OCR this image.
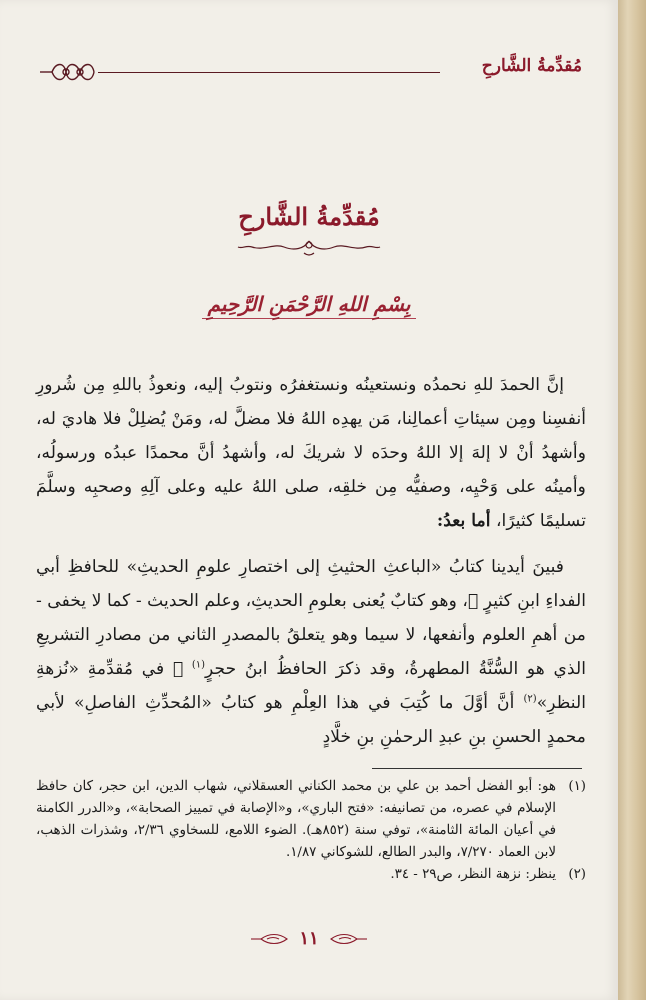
مُقدِّمةُ الشَّارحِ
مُقدِّمةُ الشَّارحِ
بِسْمِ اللهِ الرَّحْمَنِ الرَّحِيمِ

إنَّ الحمدَ للهِ نحمدُه ونستعينُه ونستغفرُه ونتوبُ إليه، ونعوذُ باللهِ مِن شُرورِ أنفسِنا ومِن سيئاتِ أعمالِنا، مَن يهدِه اللهُ فلا مضلَّ له، ومَنْ يُضلِلْ فلا هاديَ له، وأشهدُ أنْ لا إلهَ إلا اللهُ وحدَه لا شريكَ له، وأشهدُ أنَّ محمدًا عبدُه ورسولُه، وأمينُه على وَحْيِه، وصفيُّه مِن خلقِه، صلى اللهُ عليه وعلى آلِهِ وصحبِه وسلَّمَ تسليمًا كثيرًا، أما بعدُ:

فبينَ أيدينا كتابُ «الباعثِ الحثيثِ إلى اختصارِ علومِ الحديثِ» للحافظِ أبي الفداءِ ابنِ كثيرٍ ﷫، وهو كتابٌ يُعنى بعلومِ الحديثِ، وعلم الحديث - كما لا يخفى - من أهمِ العلوم وأنفعها، لا سيما وهو يتعلقُ بالمصدرِ الثاني من مصادرِ التشريعِ الذي هو السُّنَّةُ المطهرةُ، وقد ذكرَ الحافظُ ابنُ حجرٍ$^{(١)}$ ﷫ في مُقدِّمةِ «نُزهةِ النظرِ»$^{(٢)}$ أنَّ أوَّلَ ما كُتِبَ في هذا العِلْمِ هو كتابُ «المُحدِّثِ الفاصلِ» لأبي محمدٍ الحسنِ بنِ عبدِ الرحمٰنِ بنِ خلَّادٍ

(١)
هو: أبو الفضل أحمد بن علي بن محمد الكناني العسقلاني، شهاب الدين، ابن حجر، كان حافظ الإسلام في عصره، من تصانيفه: «فتح الباري»، و«الإصابة في تمييز الصحابة»، و«الدرر الكامنة في أعيان المائة الثامنة»، توفي سنة (٨٥٢هـ). الضوء اللامع، للسخاوي ٢/٣٦، وشذرات الذهب، لابن العماد ٧/٢٧٠، والبدر الطالع، للشوكاني ١/٨٧.
(٢)
ينظر: نزهة النظر، ص٢٩ - ٣٤.
١١
